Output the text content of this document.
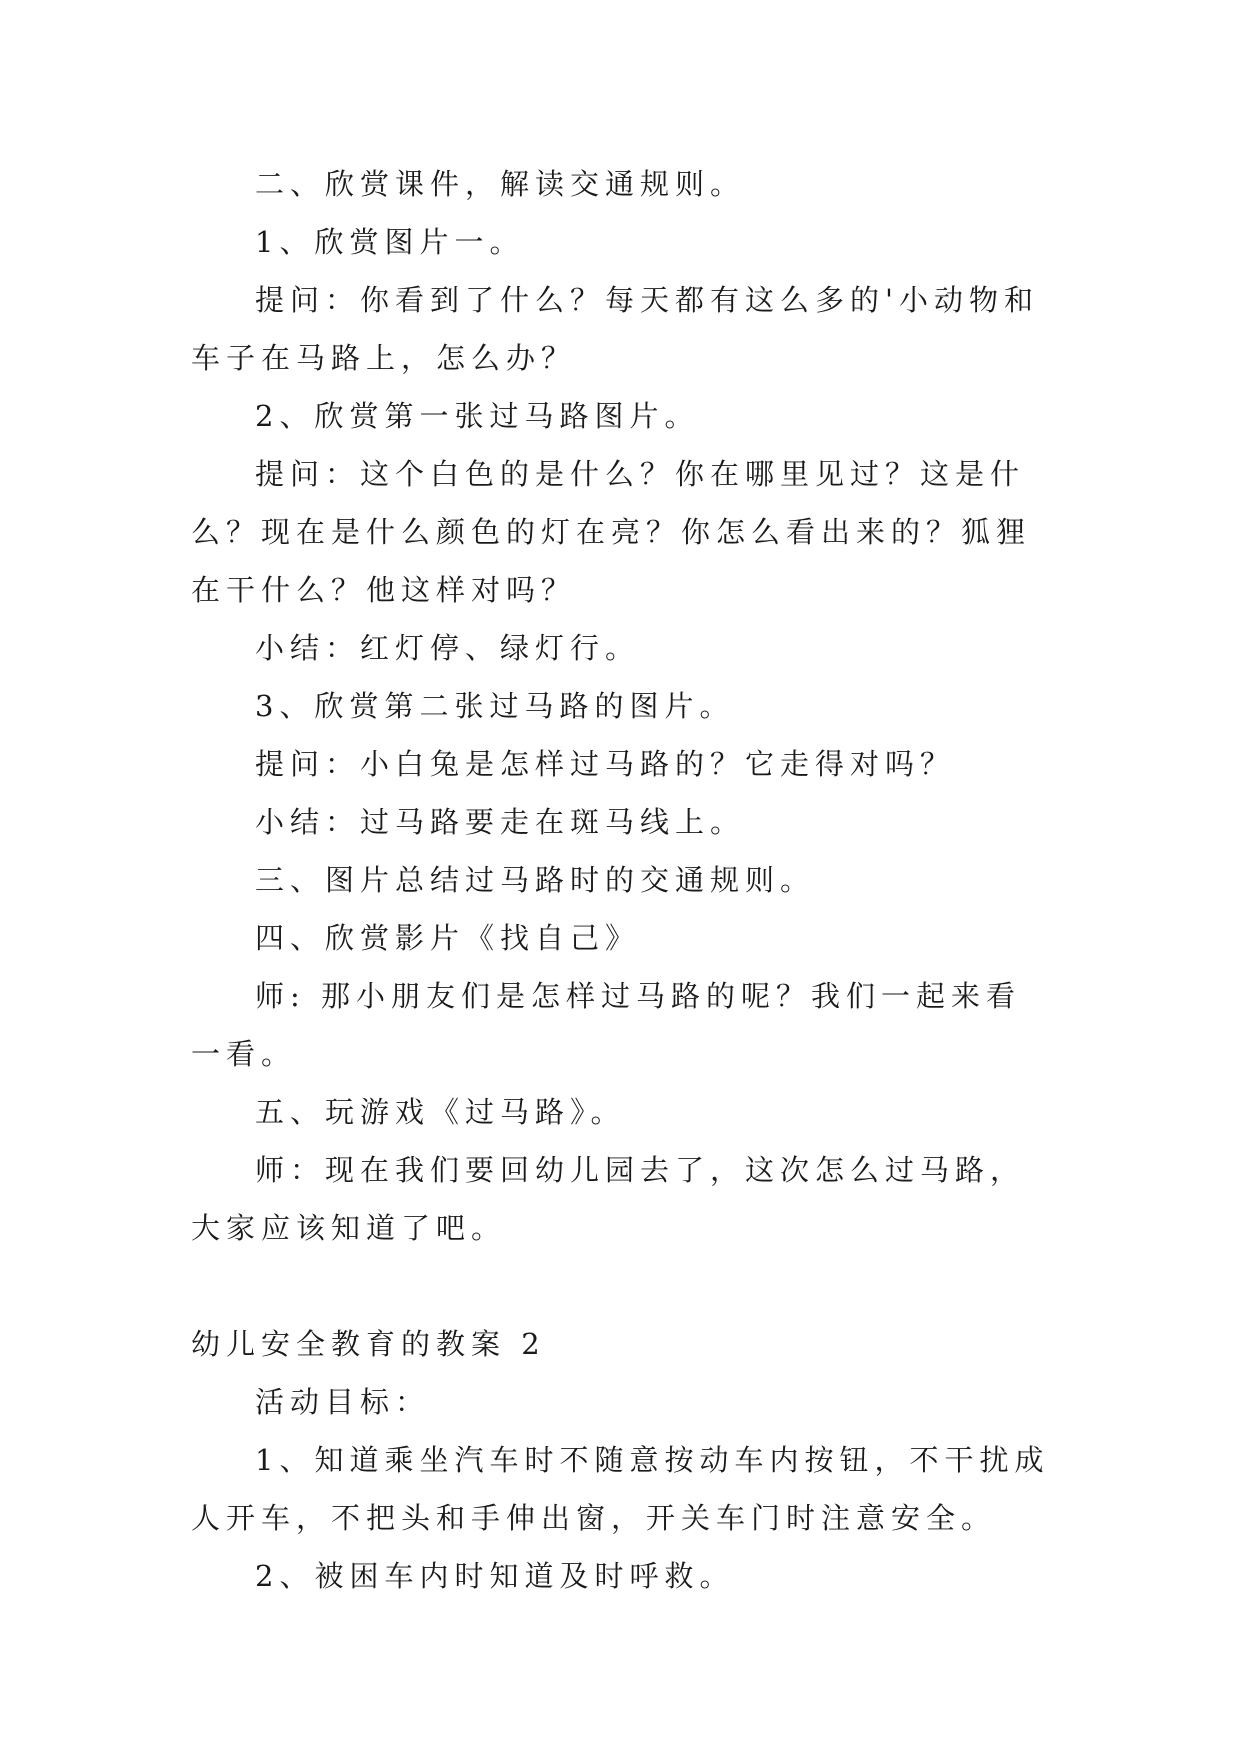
二、欣赏课件，解读交通规则。

1、欣赏图片一。

提问：你看到了什么？每天都有这么多的'小动物和车子在马路上，怎么办？

2、欣赏第一张过马路图片。

提问：这个白色的是什么？你在哪里见过？这是什么？现在是什么颜色的灯在亮？你怎么看出来的？狐狸在干什么？他这样对吗？

小结：红灯停、绿灯行。

3、欣赏第二张过马路的图片。

提问：小白兔是怎样过马路的？它走得对吗？

小结：过马路要走在斑马线上。

三、图片总结过马路时的交通规则。

四、欣赏影片《找自己》

师: 那小朋友们是怎样过马路的呢？我们一起来看一看。

五、玩游戏《过马路》。

师：现在我们要回幼儿园去了，这次怎么过马路，大家应该知道了吧。

幼儿安全教育的教案 2

活动目标：

1、知道乘坐汽车时不随意按动车内按钮，不干扰成人开车，不把头和手伸出窗，开关车门时注意安全。

2、被困车内时知道及时呼救。
